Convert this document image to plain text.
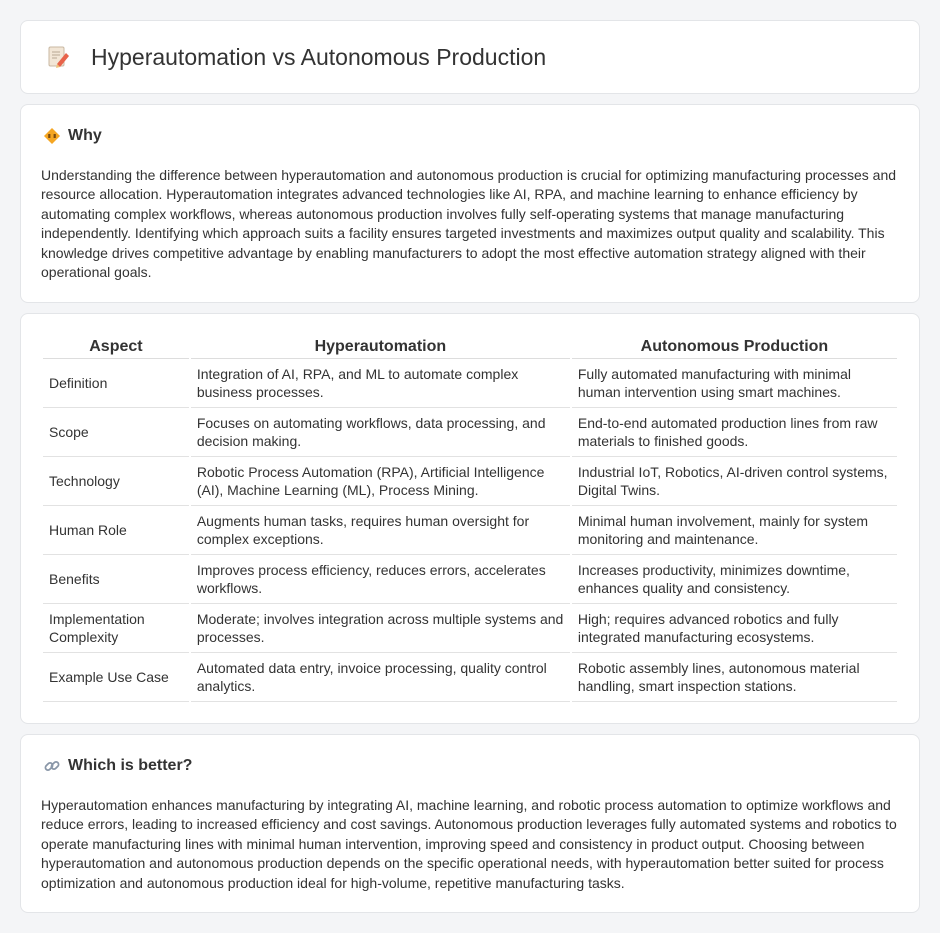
Hyperautomation vs Autonomous Production
Why

Understanding the difference between hyperautomation and autonomous production is crucial for optimizing manufacturing processes and resource allocation. Hyperautomation integrates advanced technologies like AI, RPA, and machine learning to enhance efficiency by automating complex workflows, whereas autonomous production involves fully self-operating systems that manage manufacturing independently. Identifying which approach suits a facility ensures targeted investments and maximizes output quality and scalability. This knowledge drives competitive advantage by enabling manufacturers to adopt the most effective automation strategy aligned with their operational goals.

Aspect	Hyperautomation	Autonomous Production
Definition	Integration of AI, RPA, and ML to automate complex business processes.	Fully automated manufacturing with minimal human intervention using smart machines.
Scope	Focuses on automating workflows, data processing, and decision making.	End-to-end automated production lines from raw materials to finished goods.
Technology	Robotic Process Automation (RPA), Artificial Intelligence (AI), Machine Learning (ML), Process Mining.	Industrial IoT, Robotics, AI-driven control systems, Digital Twins.
Human Role	Augments human tasks, requires human oversight for complex exceptions.	Minimal human involvement, mainly for system monitoring and maintenance.
Benefits	Improves process efficiency, reduces errors, accelerates workflows.	Increases productivity, minimizes downtime, enhances quality and consistency.
Implementation Complexity	Moderate; involves integration across multiple systems and processes.	High; requires advanced robotics and fully integrated manufacturing ecosystems.
Example Use Case	Automated data entry, invoice processing, quality control analytics.	Robotic assembly lines, autonomous material handling, smart inspection stations.
Which is better?

Hyperautomation enhances manufacturing by integrating AI, machine learning, and robotic process automation to optimize workflows and reduce errors, leading to increased efficiency and cost savings. Autonomous production leverages fully automated systems and robotics to operate manufacturing lines with minimal human intervention, improving speed and consistency in product output. Choosing between hyperautomation and autonomous production depends on the specific operational needs, with hyperautomation better suited for process optimization and autonomous production ideal for high-volume, repetitive manufacturing tasks.
